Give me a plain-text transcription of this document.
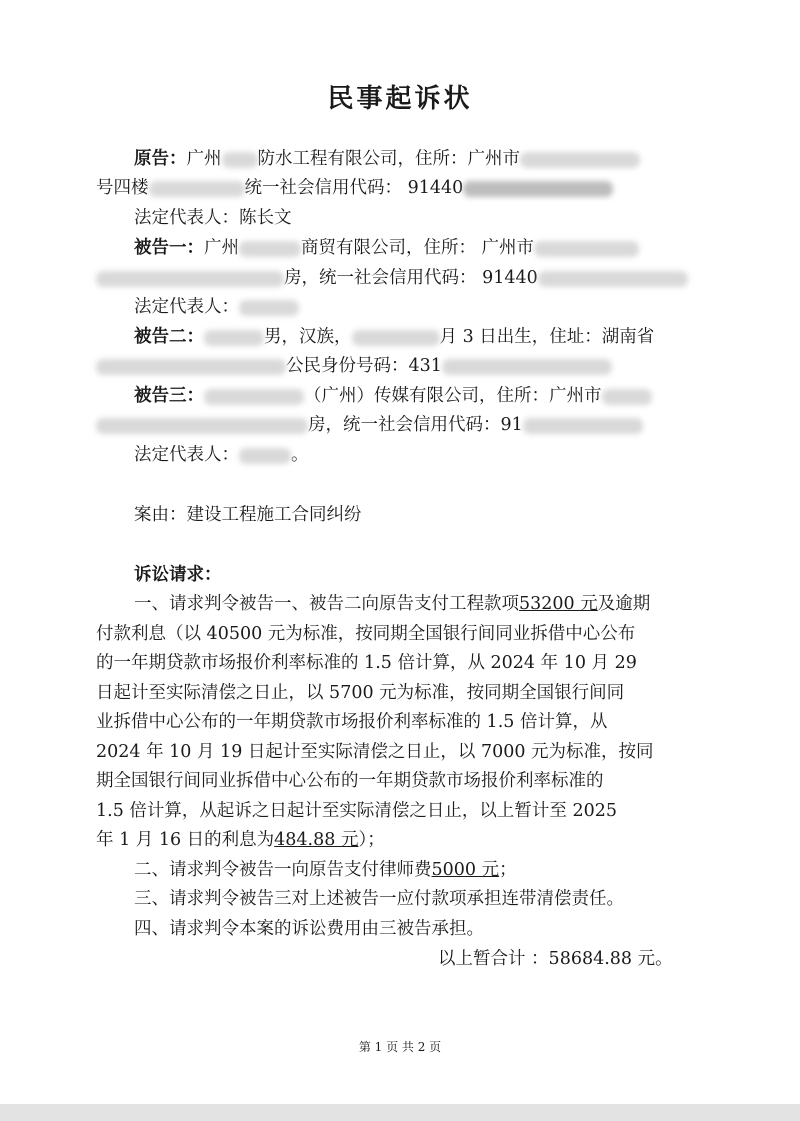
民事起诉状
原告：广州 防水工程有限公司，住所：广州市
号四楼	统一社会信用代码： 91440
法定代表人：陈长文
被告一：广州	商贸有限公司，住所： 广州市
房，统一社会信用代码： 91440
法定代表人：
被告二：	男，汉族，	月 3 日出生，住址：湖南省
公民身份号码：431
被告三：	（广州）传媒有限公司，住所：广州市
房，统一社会信用代码：91
法定代表人：	。
案由：建设工程施工合同纠纷
诉讼请求：
一、请求判令被告一、被告二向原告支付工程款项53200 元及逾期
付款利息（以 40500 元为标准，按同期全国银行间同业拆借中心公布
的一年期贷款市场报价利率标准的 1.5 倍计算，从 2024 年 10 月 29
日起计至实际清偿之日止，以 5700 元为标准，按同期全国银行间同
业拆借中心公布的一年期贷款市场报价利率标准的 1.5 倍计算，从
2024 年 10 月 19 日起计至实际清偿之日止，以 7000 元为标准，按同
期全国银行间同业拆借中心公布的一年期贷款市场报价利率标准的
1.5 倍计算，从起诉之日起计至实际清偿之日止，以上暂计至 2025
年 1 月 16 日的利息为484.88 元）；
二、请求判令被告一向原告支付律师费5000 元；
三、请求判令被告三对上述被告一应付款项承担连带清偿责任。
四、请求判令本案的诉讼费用由三被告承担。
以上暂合计 ：58684.88 元。
第 1 页 共 2 页
